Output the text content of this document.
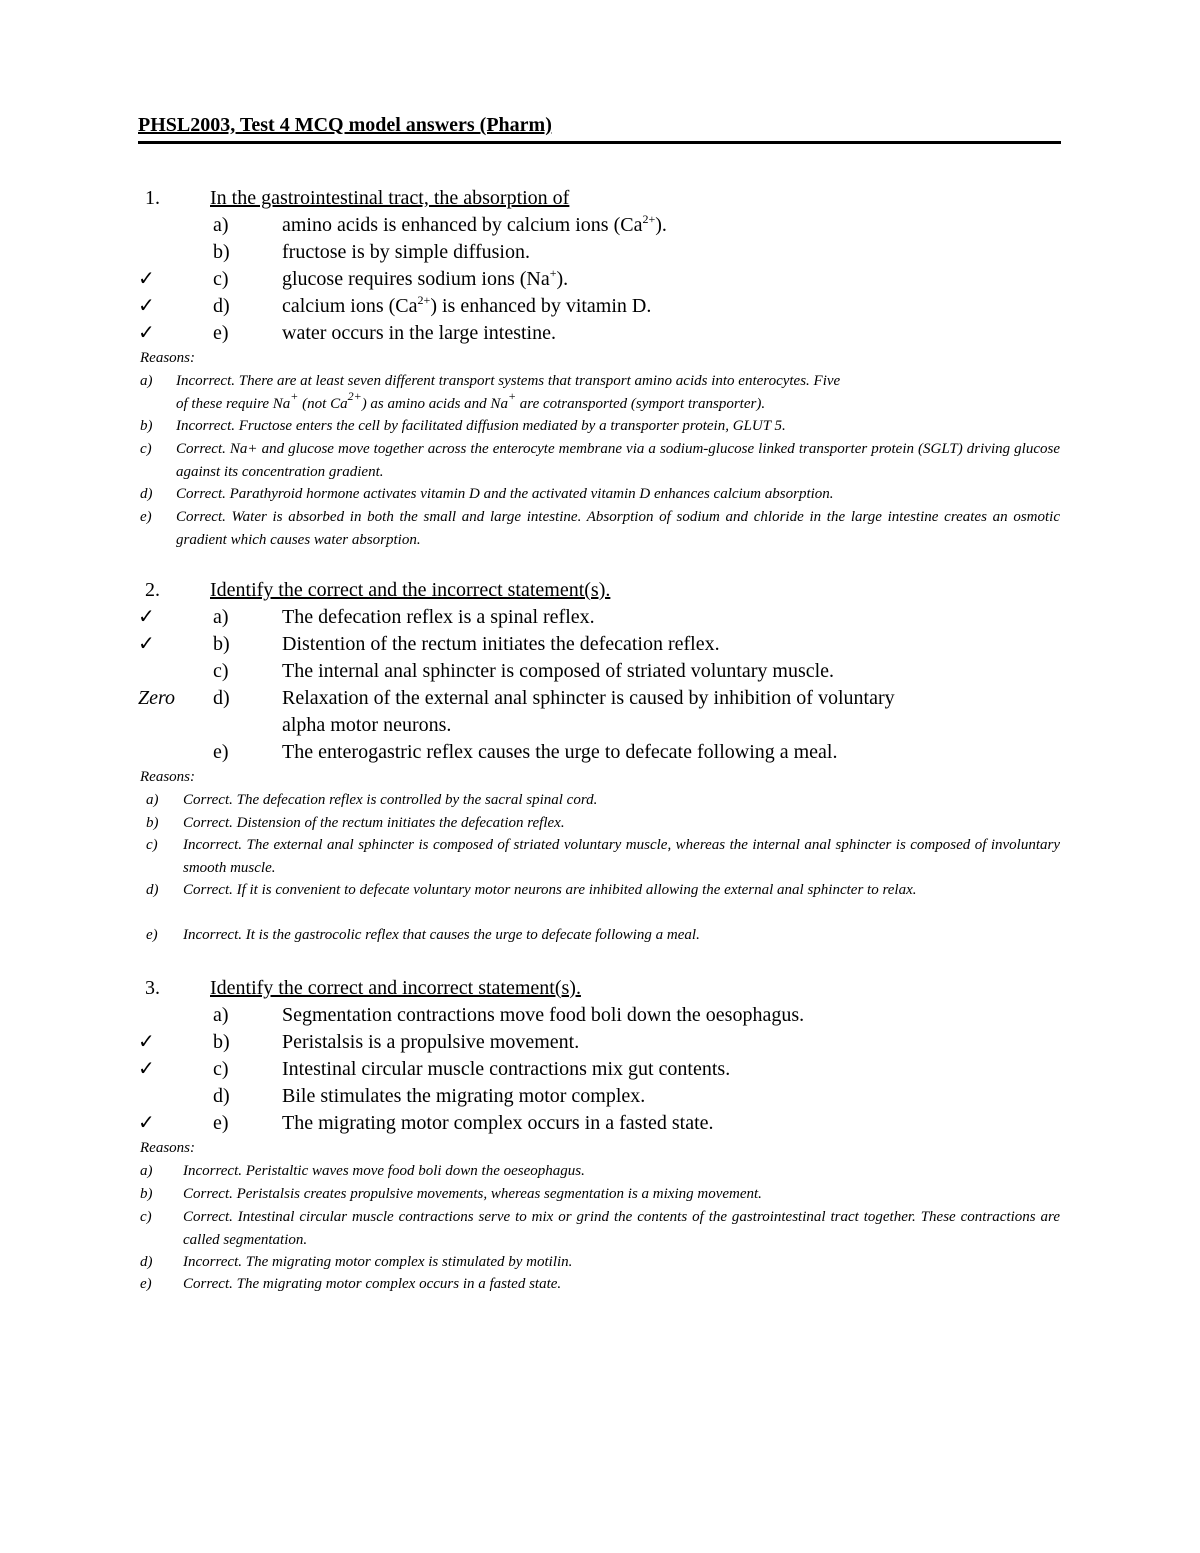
PHSL2003, Test 4 MCQ model answers (Pharm)
1.	In the gastrointestinal tract, the absorption of
a)	amino acids is enhanced by calcium ions $(Ca^{2+})$.
b)	fructose is by simple diffusion.
✓	c)	glucose requires sodium ions (Na+).
✓	d)	calcium ions $(Ca^{2+})$ is enhanced by vitamin D.
✓	e)	water occurs in the large intestine.
Reasons:
a) Incorrect. There are at least seven different transport systems that transport amino acids into enterocytes. Five
of these require Na+ (not $Ca^{2+}$) as amino acids and Na+ are cotransported (symport transporter).
b) Incorrect. Fructose enters the cell by facilitated diffusion mediated by a transporter protein, GLUT 5.
c) Correct. Na+ and glucose move together across the enterocyte membrane via a sodium-glucose linked transporter protein (SGLT) driving glucose against its concentration gradient.
d) Correct. Parathyroid hormone activates vitamin D and the activated vitamin D enhances calcium absorption.
e) Correct. Water is absorbed in both the small and large intestine. Absorption of sodium and chloride in the large intestine creates an osmotic gradient which causes water absorption.
2.	Identify the correct and the incorrect statement(s).
✓	a)	The defecation reflex is a spinal reflex.
✓	b)	Distention of the rectum initiates the defecation reflex.
c)	The internal anal sphincter is composed of striated voluntary muscle.
Zero d)	Relaxation of the external anal sphincter is caused by inhibition of voluntary
alpha motor neurons.
e)	The enterogastric reflex causes the urge to defecate following a meal.
Reasons:
a) Correct. The defecation reflex is controlled by the sacral spinal cord.
b) Correct. Distension of the rectum initiates the defecation reflex.
c) Incorrect. The external anal sphincter is composed of striated voluntary muscle, whereas the internal anal sphincter is composed of involuntary smooth muscle.
d) Correct. If it is convenient to defecate voluntary motor neurons are inhibited allowing the external anal sphincter to relax.
e) Incorrect. It is the gastrocolic reflex that causes the urge to defecate following a meal.
3.	Identify the correct and incorrect statement(s).
a)	Segmentation contractions move food boli down the oesophagus.
✓	b)	Peristalsis is a propulsive movement.
✓	c)	Intestinal circular muscle contractions mix gut contents.
d)	Bile stimulates the migrating motor complex.
✓	e)	The migrating motor complex occurs in a fasted state.
Reasons:
a) Incorrect. Peristaltic waves move food boli down the oeseophagus.
b) Correct. Peristalsis creates propulsive movements, whereas segmentation is a mixing movement.
c) Correct. Intestinal circular muscle contractions serve to mix or grind the contents of the gastrointestinal tract together. These contractions are called segmentation.
d) Incorrect. The migrating motor complex is stimulated by motilin.
e) Correct. The migrating motor complex occurs in a fasted state.
